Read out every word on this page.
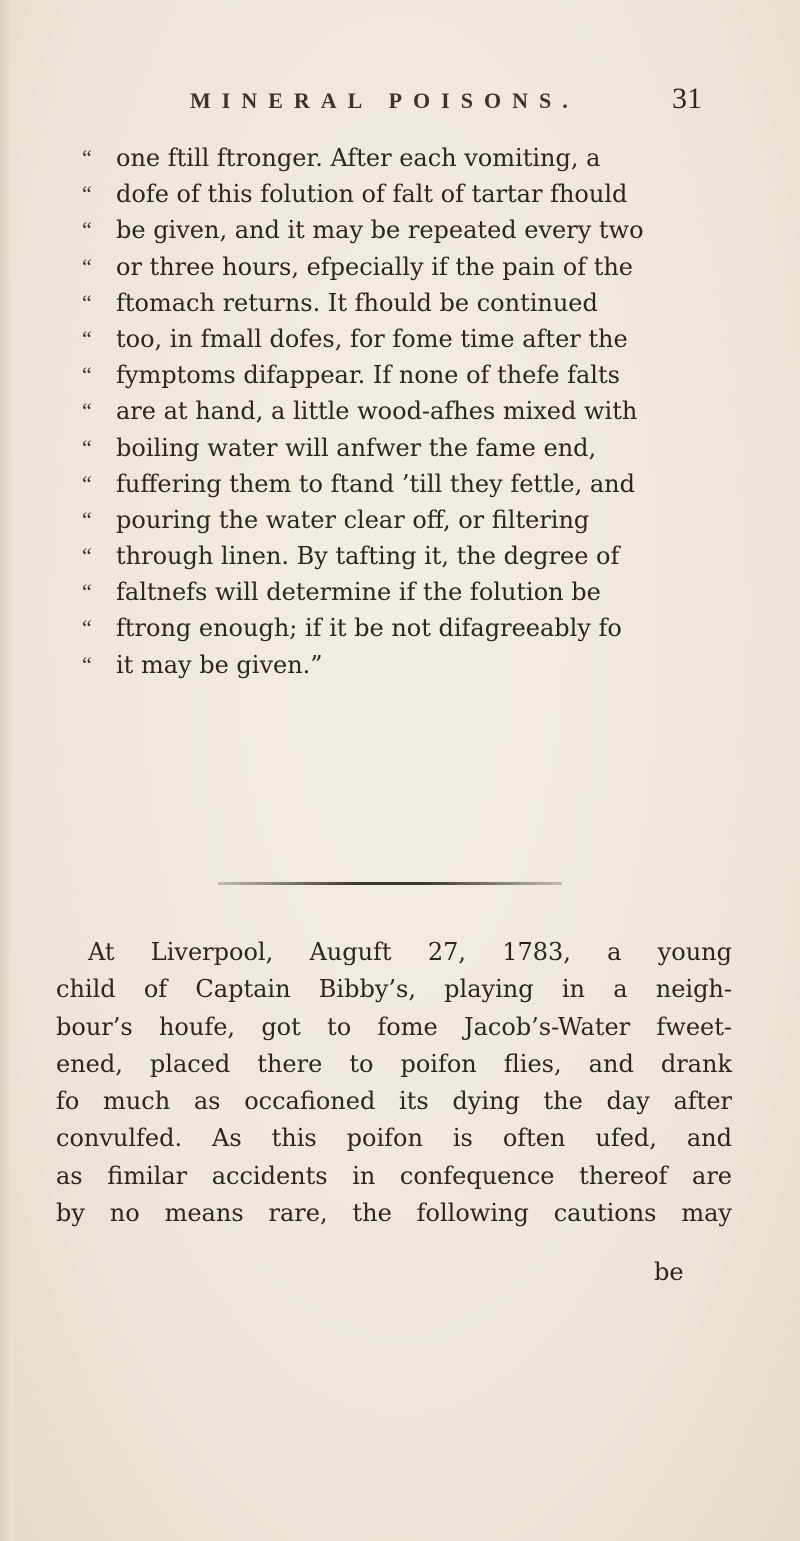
MINERAL POISONS.	31
“	one ftill ftronger. After each vomiting, a
“	dofe of this folution of falt of tartar fhould
“	be given, and it may be repeated every two
“	or three hours, efpecially if the pain of the
“	ftomach returns. It fhould be continued
“	too, in fmall dofes, for fome time after the
“	fymptoms difappear. If none of thefe falts
“	are at hand, a little wood-afhes mixed with
“	boiling water will anfwer the fame end,
“	fuffering them to ftand ’till they fettle, and
“	pouring the water clear off, or filtering
“	through linen. By tafting it, the degree of
“	faltnefs will determine if the folution be
“	ftrong enough; if it be not difagreeably fo
“	it may be given.”
At Liverpool, Auguft 27, 1783, a young
child of Captain Bibby’s, playing in a neigh-
bour’s houfe, got to fome Jacob’s-Water fweet-
ened, placed there to poifon flies, and drank
fo much as occafioned its dying the day after
convulfed. As this poifon is often ufed, and
as fimilar accidents in confequence thereof are
by no means rare, the following cautions may
be
